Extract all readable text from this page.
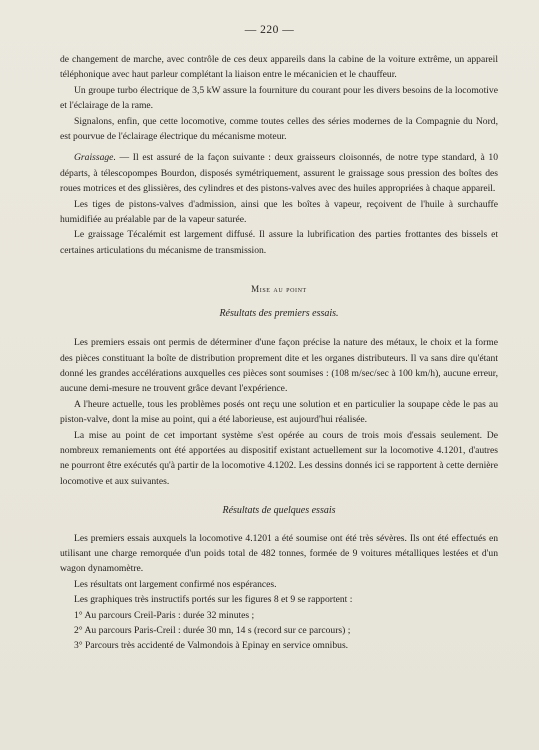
— 220 —

de changement de marche, avec contrôle de ces deux appareils dans la cabine de la voiture extrême, un appareil téléphonique avec haut parleur complétant la liaison entre le mécanicien et le chauffeur.

Un groupe turbo électrique de 3,5 kW assure la fourniture du courant pour les divers besoins de la locomotive et l'éclairage de la rame.

Signalons, enfin, que cette locomotive, comme toutes celles des séries modernes de la Compagnie du Nord, est pourvue de l'éclairage électrique du mécanisme moteur.

Graissage. — Il est assuré de la façon suivante : deux graisseurs cloisonnés, de notre type standard, à 10 départs, à télescopompes Bourdon, disposés symétriquement, assurent le graissage sous pression des boîtes des roues motrices et des glissières, des cylindres et des pistons-valves avec des huiles appropriées à chaque appareil.

Les tiges de pistons-valves d'admission, ainsi que les boîtes à vapeur, reçoivent de l'huile à surchauffe humidifiée au préalable par de la vapeur saturée.

Le graissage Técalémit est largement diffusé. Il assure la lubrification des parties frottantes des bissels et certaines articulations du mécanisme de transmission.

Mise au point
Résultats des premiers essais.

Les premiers essais ont permis de déterminer d'une façon précise la nature des métaux, le choix et la forme des pièces constituant la boîte de distribution proprement dite et les organes distributeurs. Il va sans dire qu'étant donné les grandes accélérations auxquelles ces pièces sont soumises : (108 m/sec/sec à 100 km/h), aucune erreur, aucune demi-mesure ne trouvent grâce devant l'expérience.

A l'heure actuelle, tous les problèmes posés ont reçu une solution et en particulier la soupape cède le pas au piston-valve, dont la mise au point, qui a été laborieuse, est aujourd'hui réalisée.

La mise au point de cet important système s'est opérée au cours de trois mois d'essais seulement. De nombreux remaniements ont été apportées au dispositif existant actuellement sur la locomotive 4.1201, d'autres ne pourront être exécutés qu'à partir de la locomotive 4.1202. Les dessins donnés ici se rapportent à cette dernière locomotive et aux suivantes.

Résultats de quelques essais

Les premiers essais auxquels la locomotive 4.1201 a été soumise ont été très sévères. Ils ont été effectués en utilisant une charge remorquée d'un poids total de 482 tonnes, formée de 9 voitures métalliques lestées et d'un wagon dynamomètre.

Les résultats ont largement confirmé nos espérances.

Les graphiques très instructifs portés sur les figures 8 et 9 se rapportent :

1° Au parcours Creil-Paris : durée 32 minutes ;

2° Au parcours Paris-Creil : durée 30 mn, 14 s (record sur ce parcours) ;

3° Parcours très accidenté de Valmondois à Epinay en service omnibus.
